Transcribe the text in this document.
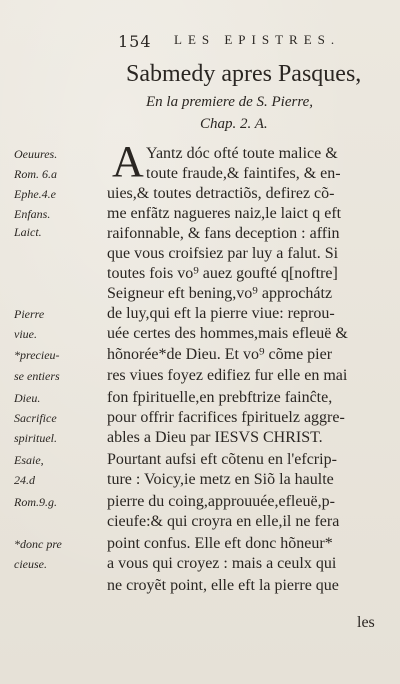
154 LES EPISTRES.
Sabmedy apres Pasques,
En la premiere de S. Pierre,
Chap. 2. A.
A
Oeuures.
Rom. 6.a
Ephe.4.e
Enfans.
Laict.
Pierre
viue.
*precieu-
se entiers
Dieu.
Sacrifice
spirituel.
Esaie,
24.d
Rom.9.g.
*donc pre
cieuse.
Yantz dóc ofté toute malice &
toute fraude,& faintifes, & en-
uies,& toutes detractiõs, defirez cõ-
me enfãtz nagueres naiz,le laict q eft
raifonnable, & fans deception : affin
que vous croifsiez par luy a falut. Si
toutes fois vo⁹ auez goufté q[noftre]
Seigneur eft bening,vo⁹ approchátz
de luy,qui eft la pierre viue: reprou-
uée certes des hommes,mais efleuë &
hõnorée*de Dieu. Et vo⁹ cõme pier
res viues foyez edifiez fur elle en mai
fon fpirituelle,en prebftrize fainĉte,
pour offrir facrifices fpirituelz aggre-
ables a Dieu par IESVS CHRIST.
Pourtant aufsi eft cõtenu en l'efcrip-
ture : Voicy,ie metz en Siõ la haulte
pierre du coing,approuuée,efleuë,p-
cieufe:& qui croyra en elle,il ne fera
point confus. Elle eft donc hõneur*
a vous qui croyez : mais a ceulx qui
ne croyẽt point, elle eft la pierre que
les
